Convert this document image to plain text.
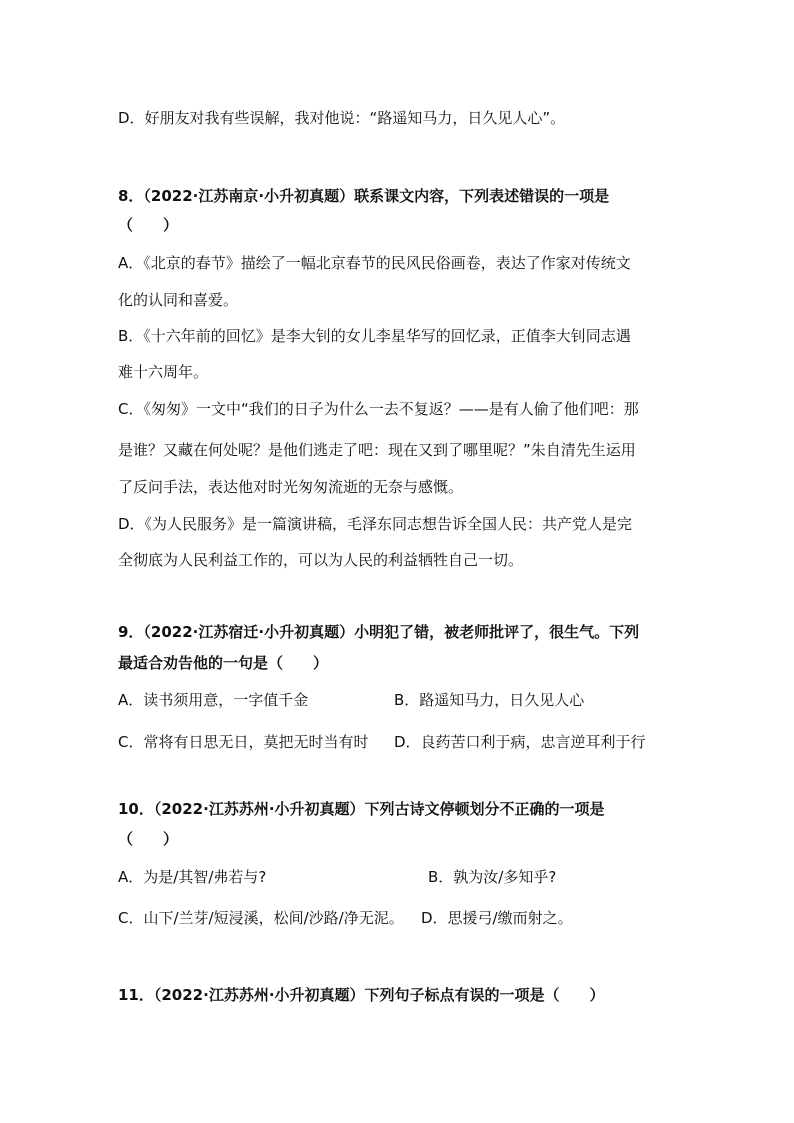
D．好朋友对我有些误解，我对他说：“路遥知马力，日久见人心”。
8．（2022·江苏南京·小升初真题）联系课文内容，下列表述错误的一项是
（　　）
A．《北京的春节》描绘了一幅北京春节的民风民俗画卷，表达了作家对传统文
化的认同和喜爱。
B．《十六年前的回忆》是李大钊的女儿李星华写的回忆录，正值李大钊同志遇
难十六周年。
C．《匆匆》一文中“我们的日子为什么一去不复返？——是有人偷了他们吧：那
是谁？又藏在何处呢？是他们逃走了吧：现在又到了哪里呢？”朱自清先生运用
了反问手法，表达他对时光匆匆流逝的无奈与感慨。
D．《为人民服务》是一篇演讲稿，毛泽东同志想告诉全国人民：共产党人是完
全彻底为人民利益工作的，可以为人民的利益牺牲自己一切。
9．（2022·江苏宿迁·小升初真题）小明犯了错，被老师批评了，很生气。下列
最适合劝告他的一句是（　　）
A．读书须用意，一字值千金	B．路遥知马力，日久见人心
C．常将有日思无日，莫把无时当有时 D．良药苦口利于病，忠言逆耳利于行
10．（2022·江苏苏州·小升初真题）下列古诗文停顿划分不正确的一项是
（　　）
A．为是/其智/弗若与?	B．孰为汝/多知乎?
C．山下/兰芽/短浸溪，松间/沙路/净无泥。 D．思援弓/缴而射之。
11．（2022·江苏苏州·小升初真题）下列句子标点有误的一项是（　　）
